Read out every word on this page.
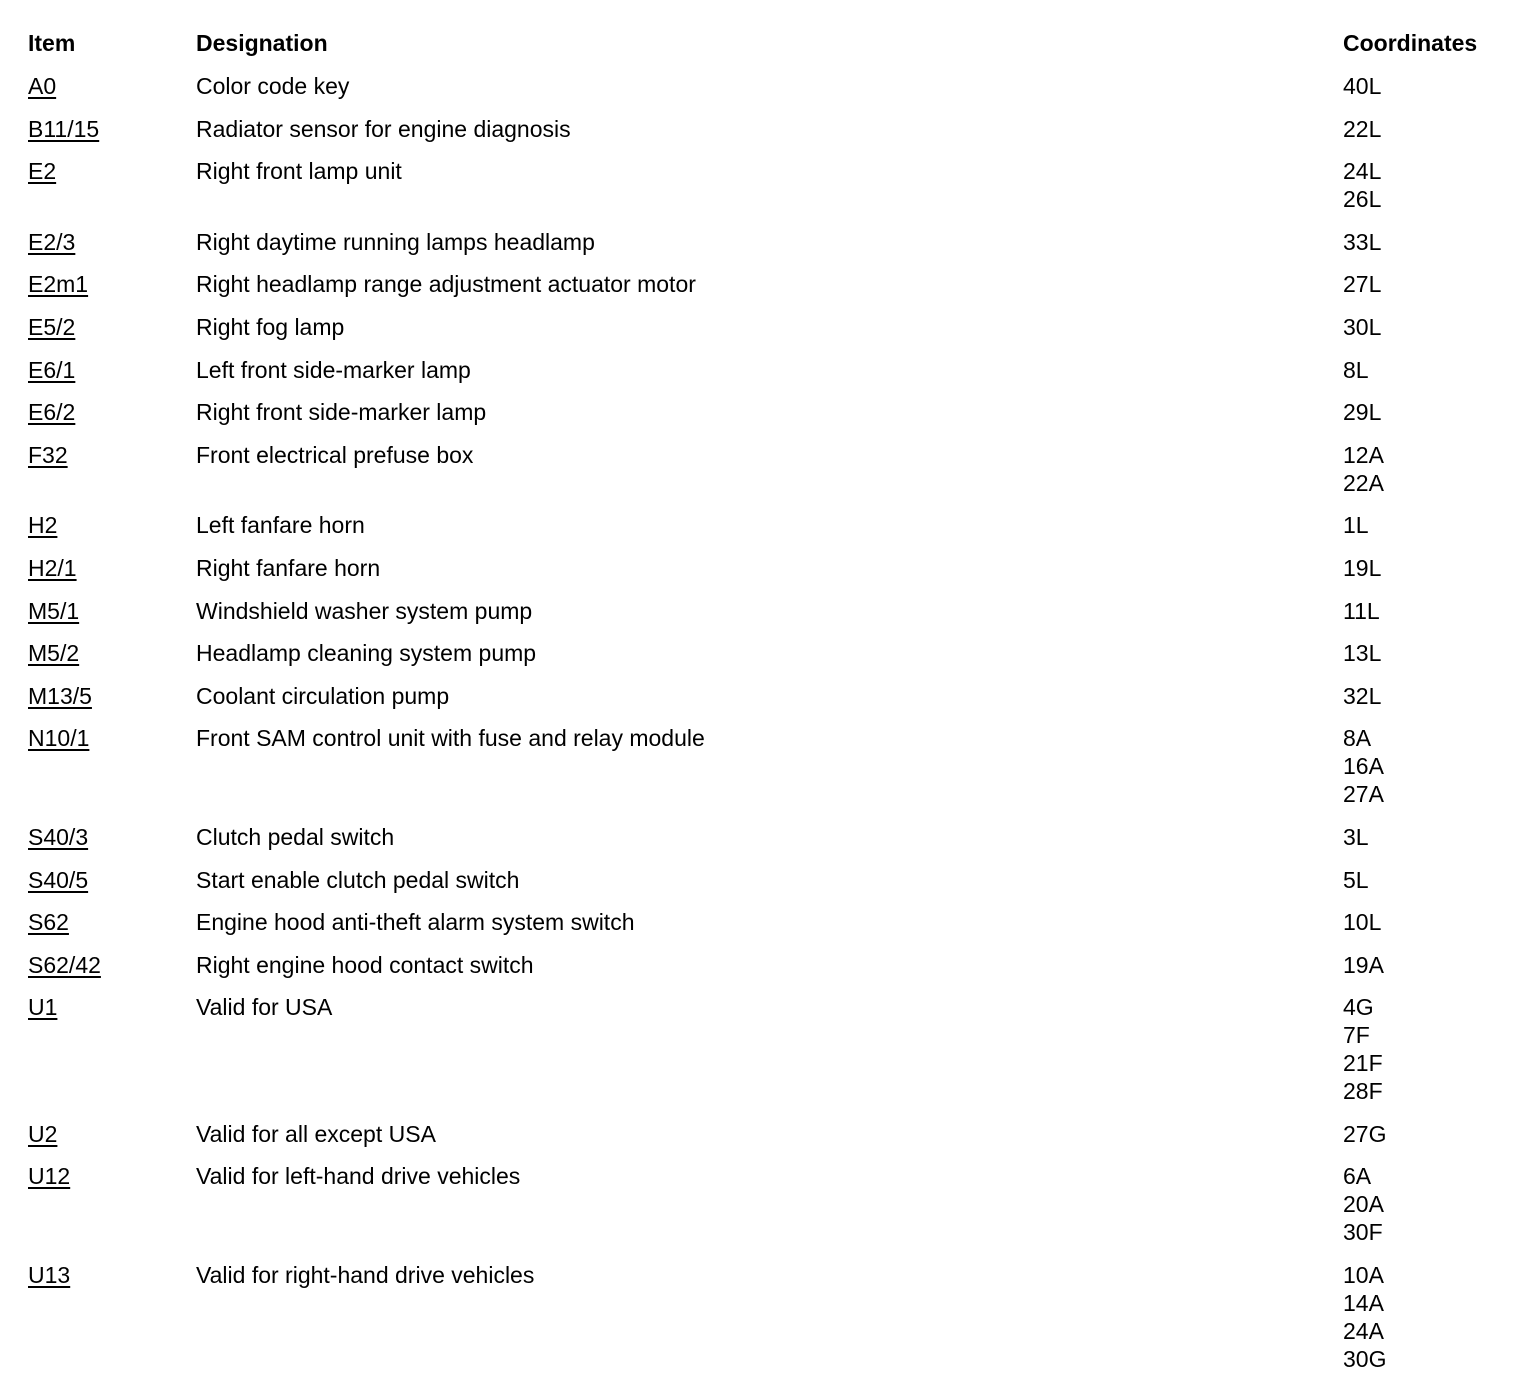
Item	Designation	Coordinates
A0	Color code key	40L
B11/15	Radiator sensor for engine diagnosis	22L
E2	Right front lamp unit	24L
26L
E2/3	Right daytime running lamps headlamp	33L
E2m1	Right headlamp range adjustment actuator motor	27L
E5/2	Right fog lamp	30L
E6/1	Left front side-marker lamp	8L
E6/2	Right front side-marker lamp	29L
F32	Front electrical prefuse box	12A
22A
H2	Left fanfare horn	1L
H2/1	Right fanfare horn	19L
M5/1	Windshield washer system pump	11L
M5/2	Headlamp cleaning system pump	13L
M13/5	Coolant circulation pump	32L
N10/1	Front SAM control unit with fuse and relay module	8A
16A
27A
S40/3	Clutch pedal switch	3L
S40/5	Start enable clutch pedal switch	5L
S62	Engine hood anti-theft alarm system switch	10L
S62/42	Right engine hood contact switch	19A
U1	Valid for USA	4G
7F
21F
28F
U2	Valid for all except USA	27G
U12	Valid for left-hand drive vehicles	6A
20A
30F
U13	Valid for right-hand drive vehicles	10A
14A
24A
30G
